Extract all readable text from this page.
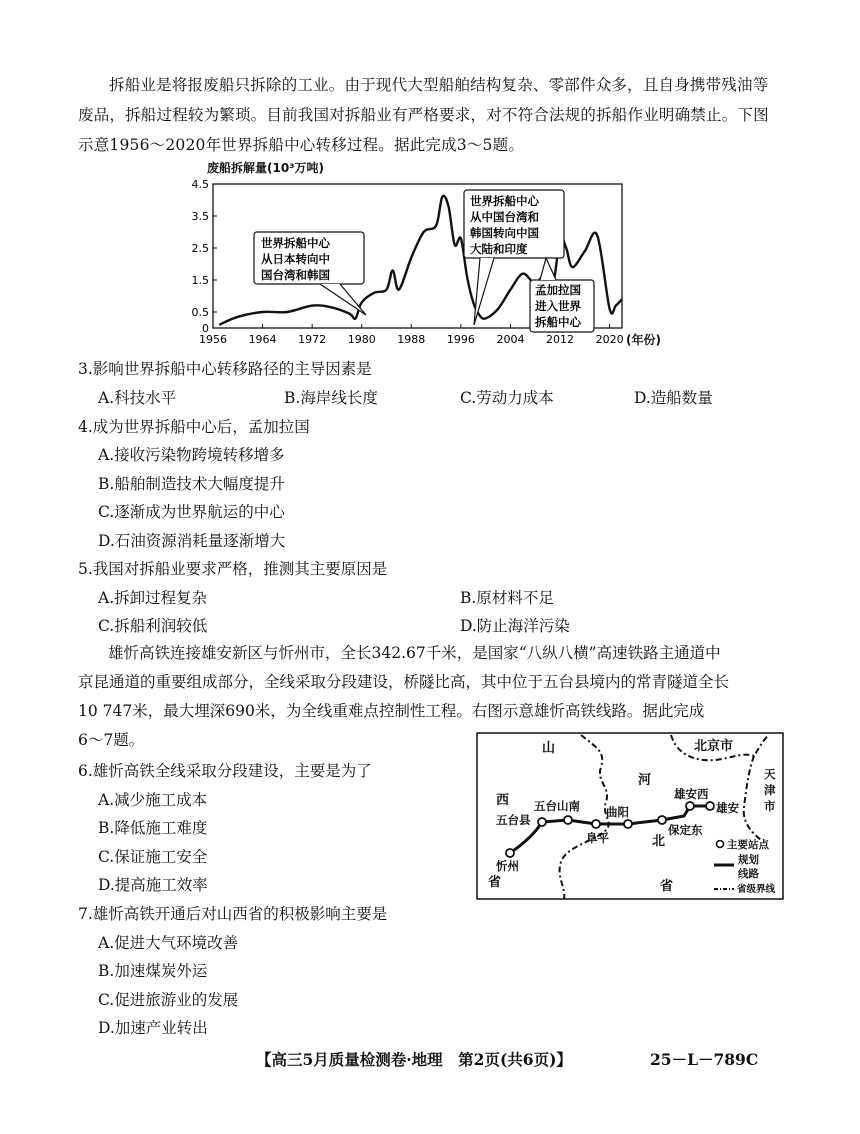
拆船业是将报废船只拆除的工业。由于现代大型船舶结构复杂、零部件众多，且自身携带残油等废品，拆船过程较为繁琐。目前我国对拆船业有严格要求，对不符合法规的拆船作业明确禁止。下图示意1956～2020年世界拆船中心转移过程。据此完成3～5题。
废船拆解量(10³万吨)
0
0.5
1.5
2.5
3.5
4.5
1956 1964 1972 1980 1988 1996 2004 2012 2020 (年份)
世界拆船中心
从日本转向中
国台湾和韩国
世界拆船中心
从中国台湾和
韩国转向中国
大陆和印度
孟加拉国
进入世界
拆船中心
3.影响世界拆船中心转移路径的主导因素是
A.科技水平	B.海岸线长度	C.劳动力成本	D.造船数量
4.成为世界拆船中心后，孟加拉国
A.接收污染物跨境转移增多
B.船舶制造技术大幅度提升
C.逐渐成为世界航运的中心
D.石油资源消耗量逐渐增大
5.我国对拆船业要求严格，推测其主要原因是
A.拆卸过程复杂	B.原材料不足
C.拆船利润较低	D.防止海洋污染
雄忻高铁连接雄安新区与忻州市，全长342.67千米，是国家“八纵八横”高速铁路主通道中
京昆通道的重要组成部分，全线采取分段建设，桥隧比高，其中位于五台县境内的常青隧道全长
10 747米，最大埋深690米，为全线重难点控制性工程。右图示意雄忻高铁线路。据此完成
6～7题。	山
西
省
河
北
省
北京市
天
津
市
忻州
五台县
五台山南
阜平
曲阳
保定东
雄安西
雄安
主要站点
规划
线路
省级界线
6.雄忻高铁全线采取分段建设，主要是为了
A.减少施工成本
B.降低施工难度
C.保证施工安全
D.提高施工效率
7.雄忻高铁开通后对山西省的积极影响主要是
A.促进大气环境改善
B.加速煤炭外运
C.促进旅游业的发展
D.加速产业转出
【高三5月质量检测卷·地理　第2页(共6页)】	25－L－789C
